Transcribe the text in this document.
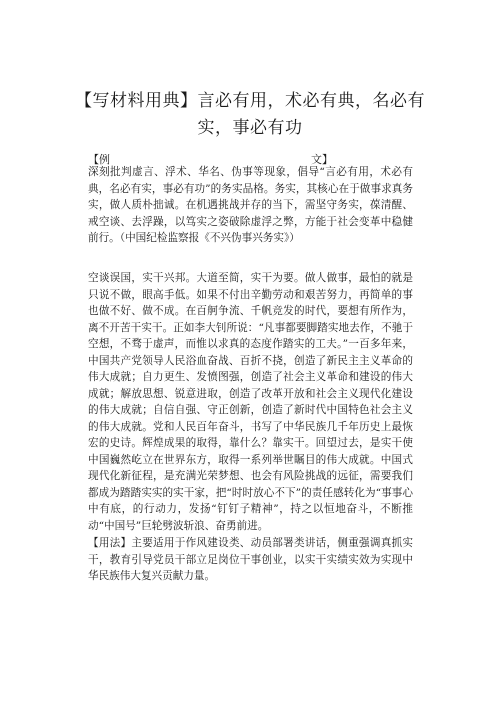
【写材料用典】言必有用，术必有典，名必有实，事必有功
【例	文】

深刻批判虚言、浮术、华名、伪事等现象，倡导“言必有用，术必有典，名必有实，事必有功”的务实品格。务实，其核心在于做事求真务实，做人质朴拙诚。在机遇挑战并存的当下，需坚守务实，葆清醒、戒空谈、去浮躁，以笃实之姿破除虚浮之弊，方能于社会变革中稳健前行。（中国纪检监察报《不兴伪事兴务实》）

空谈误国，实干兴邦。大道至简，实干为要。做人做事，最怕的就是只说不做，眼高手低。如果不付出辛勤劳动和艰苦努力，再简单的事也做不好、做不成。在百舸争流、千帆竞发的时代，要想有所作为，离不开苦干实干。正如李大钊所说：“凡事都要脚踏实地去作，不驰于空想，不骛于虚声，而惟以求真的态度作踏实的工夫。”一百多年来，中国共产党领导人民浴血奋战、百折不挠，创造了新民主主义革命的伟大成就；自力更生、发愤图强，创造了社会主义革命和建设的伟大成就；解放思想、锐意进取，创造了改革开放和社会主义现代化建设的伟大成就；自信自强、守正创新，创造了新时代中国特色社会主义的伟大成就。党和人民百年奋斗，书写了中华民族几千年历史上最恢宏的史诗。辉煌成果的取得，靠什么？靠实干。回望过去，是实干使中国巍然屹立在世界东方，取得一系列举世瞩目的伟大成就。中国式现代化新征程，是充满光荣梦想、也会有风险挑战的远征，需要我们都成为踏踏实实的实干家，把“时时放心不下”的责任感转化为“事事心中有底，的行动力，发扬“钉钉子精神”，持之以恒地奋斗，不断推动“中国号”巨轮劈波斩浪、奋勇前进。

【用法】主要适用于作风建设类、动员部署类讲话，侧重强调真抓实干，教育引导党员干部立足岗位干事创业，以实干实绩实效为实现中华民族伟大复兴贡献力量。
